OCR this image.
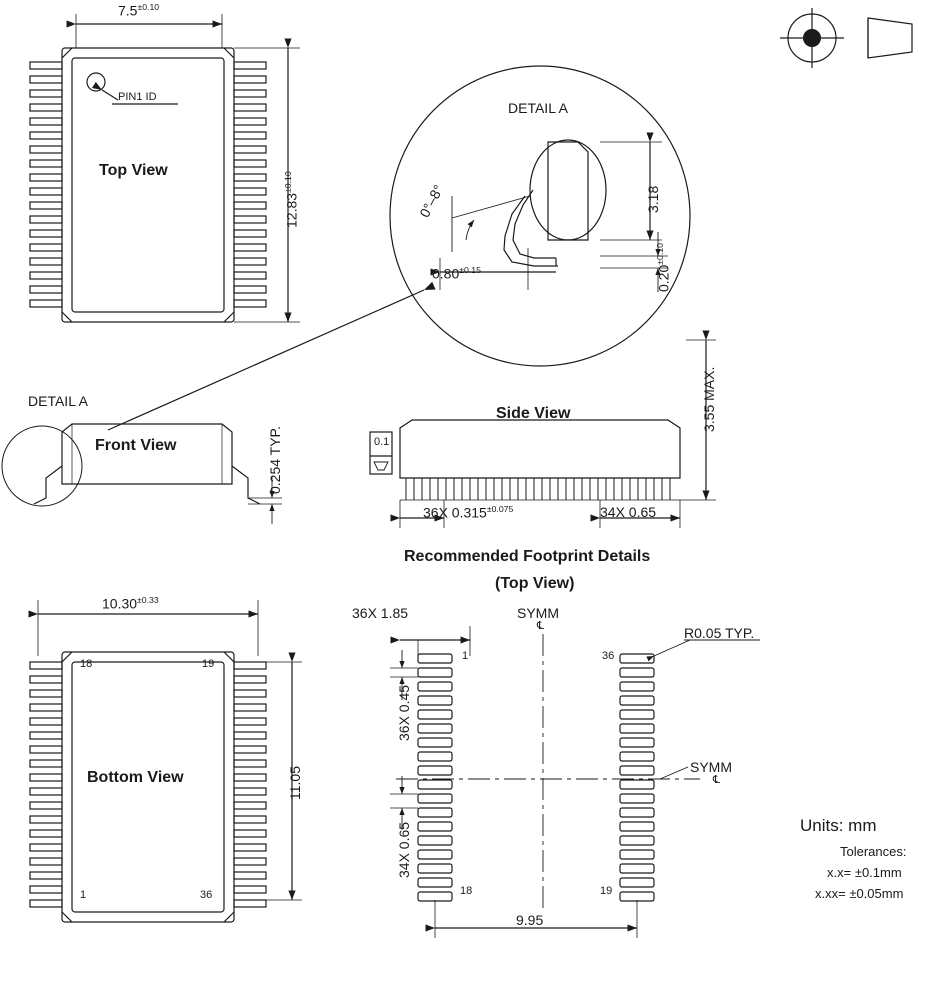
$7.5^{\pm 0.10}$
Top View
PIN1 ID
$12.83^{\pm 0.10}$
DETAIL A
0°–8°	3.18
$0.80^{\pm 0.15}$	$0.20^{\pm 0.10}$
DETAIL A
Front View	0.254 TYP.
Side View
0.1
3.55 MAX.
36X $0.315^{\pm 0.075}$	34X 0.65
Recommended Footprint Details
(Top View)
$10.30^{\pm 0.33}$
Bottom View
18	19
1	36
11.05
36X 1.85
36X 0.45
34X 0.65
SYMM
℄
SYMM
℄
R0.05 TYP.
1
18
36
19
9.95
Units: mm
Tolerances:
x.x= ±0.1mm
x.xx= ±0.05mm
